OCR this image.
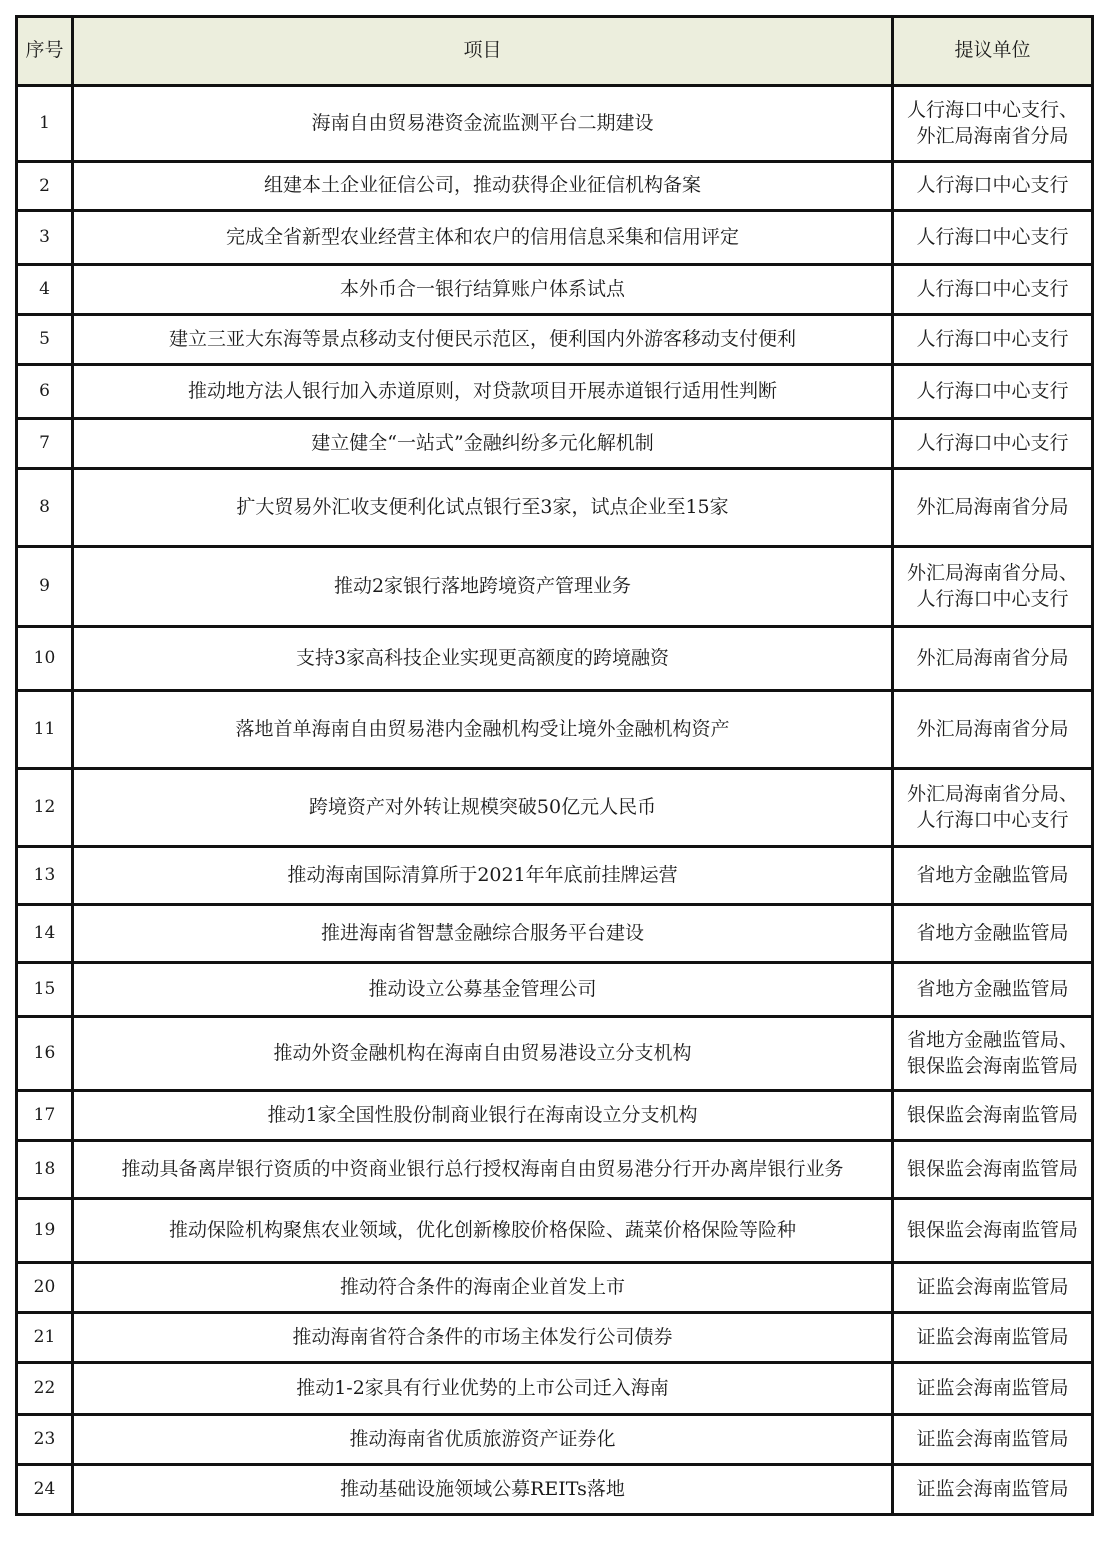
序号	项目	提议单位
1	海南自由贸易港资金流监测平台二期建设	人行海口中心支行、
外汇局海南省分局
2	组建本土企业征信公司，推动获得企业征信机构备案	人行海口中心支行
3	完成全省新型农业经营主体和农户的信用信息采集和信用评定	人行海口中心支行
4	本外币合一银行结算账户体系试点	人行海口中心支行
5	建立三亚大东海等景点移动支付便民示范区，便利国内外游客移动支付便利	人行海口中心支行
6	推动地方法人银行加入赤道原则，对贷款项目开展赤道银行适用性判断	人行海口中心支行
7	建立健全“一站式”金融纠纷多元化解机制	人行海口中心支行
8	扩大贸易外汇收支便利化试点银行至3家，试点企业至15家	外汇局海南省分局
9	推动2家银行落地跨境资产管理业务	外汇局海南省分局、
人行海口中心支行
10	支持3家高科技企业实现更高额度的跨境融资	外汇局海南省分局
11	落地首单海南自由贸易港内金融机构受让境外金融机构资产	外汇局海南省分局
12	跨境资产对外转让规模突破50亿元人民币	外汇局海南省分局、
人行海口中心支行
13	推动海南国际清算所于2021年年底前挂牌运营	省地方金融监管局
14	推进海南省智慧金融综合服务平台建设	省地方金融监管局
15	推动设立公募基金管理公司	省地方金融监管局
16	推动外资金融机构在海南自由贸易港设立分支机构	省地方金融监管局、
银保监会海南监管局
17	推动1家全国性股份制商业银行在海南设立分支机构	银保监会海南监管局
18	推动具备离岸银行资质的中资商业银行总行授权海南自由贸易港分行开办离岸银行业务	银保监会海南监管局
19	推动保险机构聚焦农业领域，优化创新橡胶价格保险、蔬菜价格保险等险种	银保监会海南监管局
20	推动符合条件的海南企业首发上市	证监会海南监管局
21	推动海南省符合条件的市场主体发行公司债券	证监会海南监管局
22	推动1-2家具有行业优势的上市公司迁入海南	证监会海南监管局
23	推动海南省优质旅游资产证券化	证监会海南监管局
24	推动基础设施领域公募REITs落地	证监会海南监管局
